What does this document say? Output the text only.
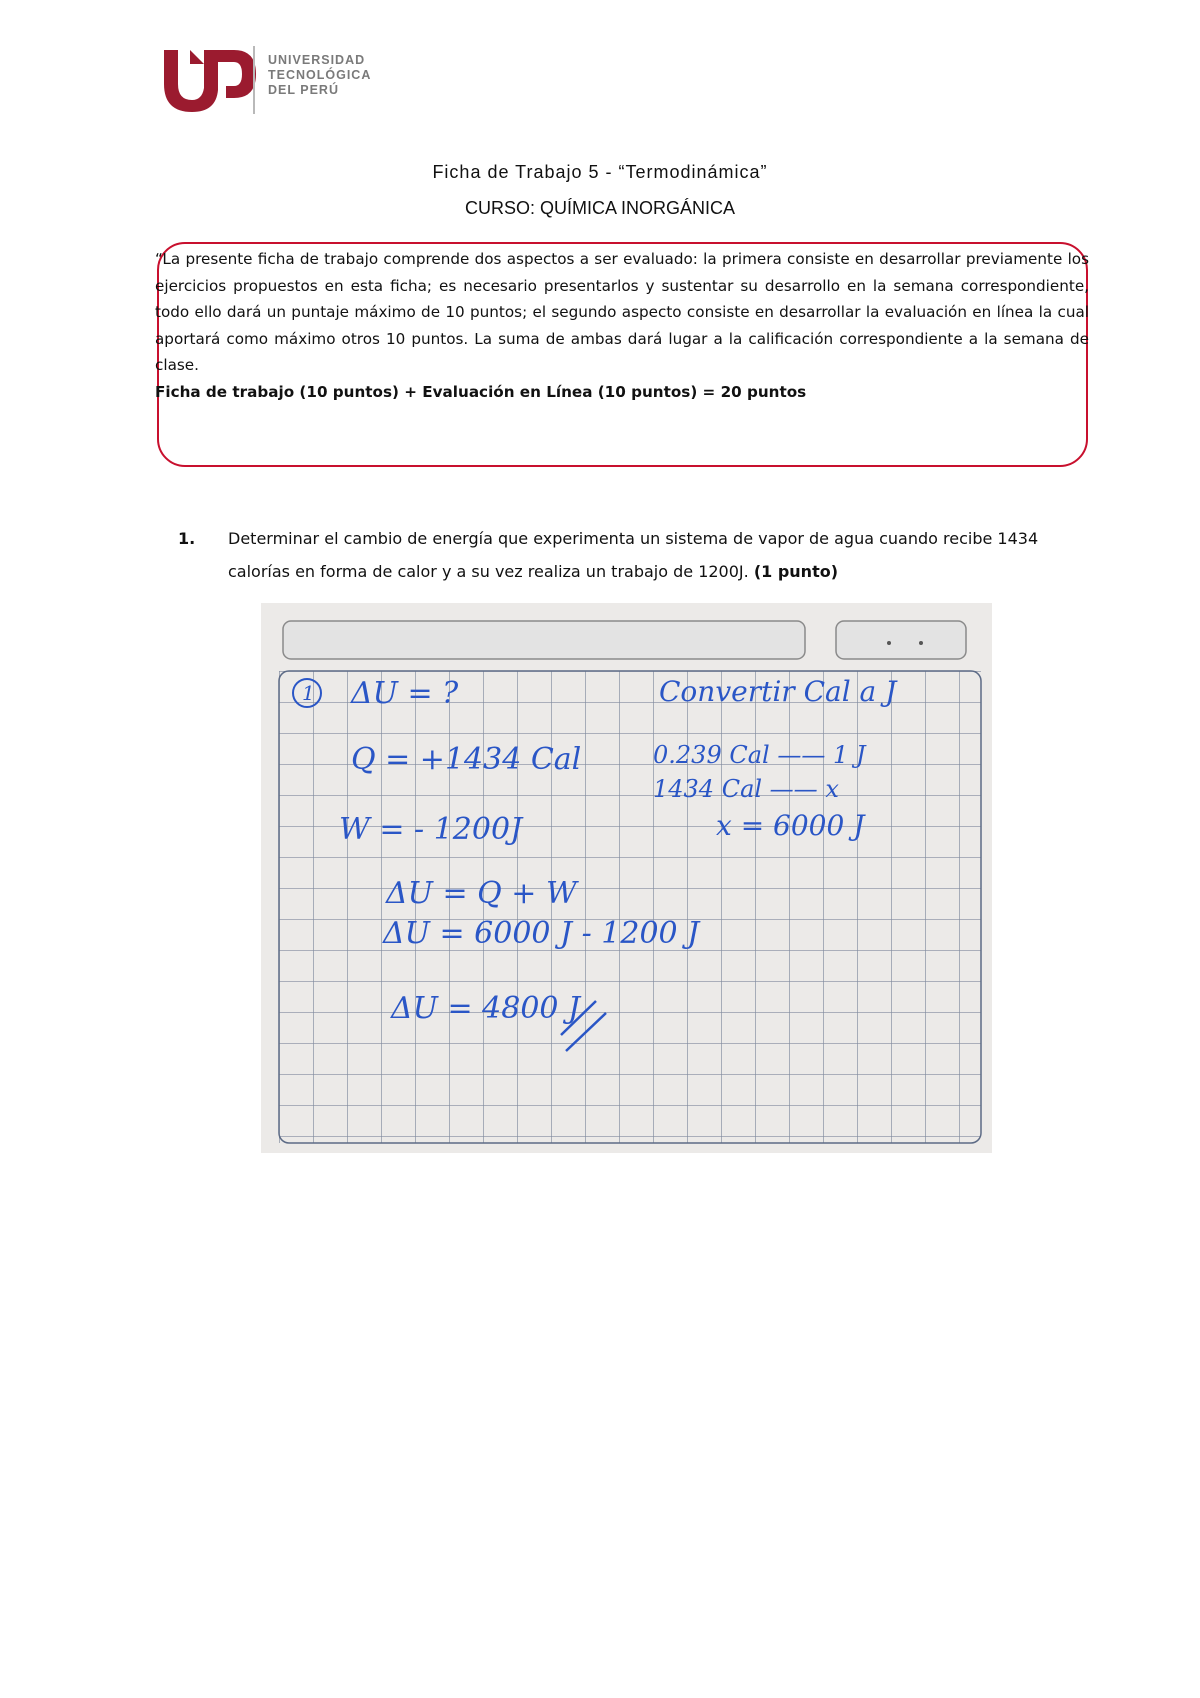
UNIVERSIDAD
TECNOLÓGICA
DEL PERÚ
Ficha de Trabajo 5 - “Termodinámica”
CURSO: QUÍMICA INORGÁNICA
“La presente ficha de trabajo comprende dos aspectos a ser evaluado: la primera consiste en desarrollar previamente los ejercicios propuestos en esta ficha; es necesario presentarlos y sustentar su desarrollo en la semana correspondiente, todo ello dará un puntaje máximo de 10 puntos; el segundo aspecto consiste en desarrollar la evaluación en línea la cual aportará como máximo otros 10 puntos. La suma de ambas dará lugar a la calificación correspondiente a la semana de clase.
Ficha de trabajo (10 puntos) + Evaluación en Línea (10 puntos) = 20 puntos
1. Determinar el cambio de energía que experimenta un sistema de vapor de agua cuando recibe 1434 calorías en forma de calor y a su vez realiza un trabajo de 1200J. (1 punto)
1 ΔU = ?
Q = +1434 Cal
W = - 1200J
ΔU = Q + W
ΔU = 6000 J - 1200 J
ΔU = 4800 J
Convertir Cal a J
0.239 Cal —— 1 J
1434 Cal —— x
x = 6000 J
